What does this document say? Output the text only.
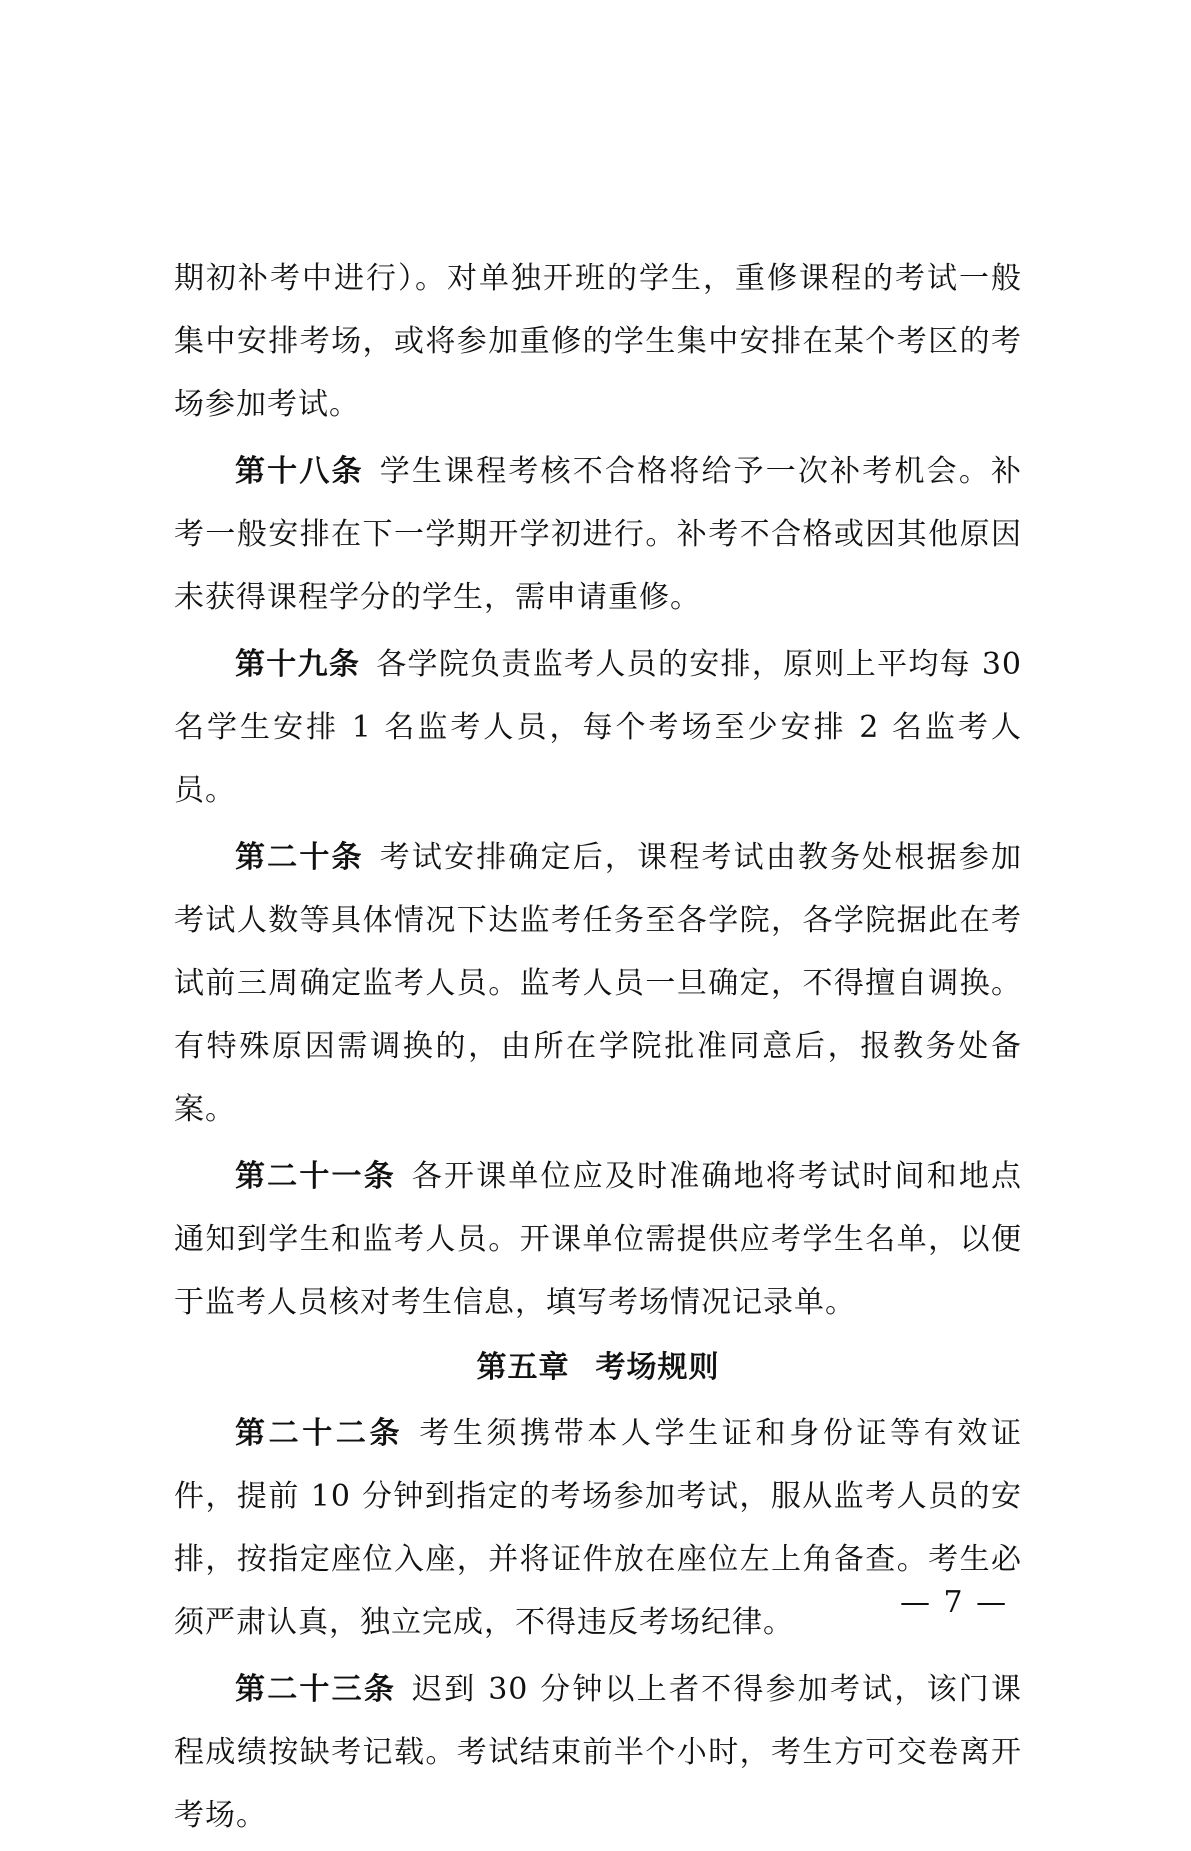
期初补考中进行）。对单独开班的学生，重修课程的考试一般集中安排考场，或将参加重修的学生集中安排在某个考区的考场参加考试。

第十八条 学生课程考核不合格将给予一次补考机会。补考一般安排在下一学期开学初进行。补考不合格或因其他原因未获得课程学分的学生，需申请重修。

第十九条 各学院负责监考人员的安排，原则上平均每 30 名学生安排 1 名监考人员，每个考场至少安排 2 名监考人员。

第二十条 考试安排确定后，课程考试由教务处根据参加考试人数等具体情况下达监考任务至各学院，各学院据此在考试前三周确定监考人员。监考人员一旦确定，不得擅自调换。有特殊原因需调换的，由所在学院批准同意后，报教务处备案。

第二十一条 各开课单位应及时准确地将考试时间和地点通知到学生和监考人员。开课单位需提供应考学生名单，以便于监考人员核对考生信息，填写考场情况记录单。

第五章 考场规则

第二十二条 考生须携带本人学生证和身份证等有效证件，提前 10 分钟到指定的考场参加考试，服从监考人员的安排，按指定座位入座，并将证件放在座位左上角备查。考生必须严肃认真，独立完成，不得违反考场纪律。

第二十三条 迟到 30 分钟以上者不得参加考试，该门课程成绩按缺考记载。考试结束前半个小时，考生方可交卷离开考场。

— 7 —
